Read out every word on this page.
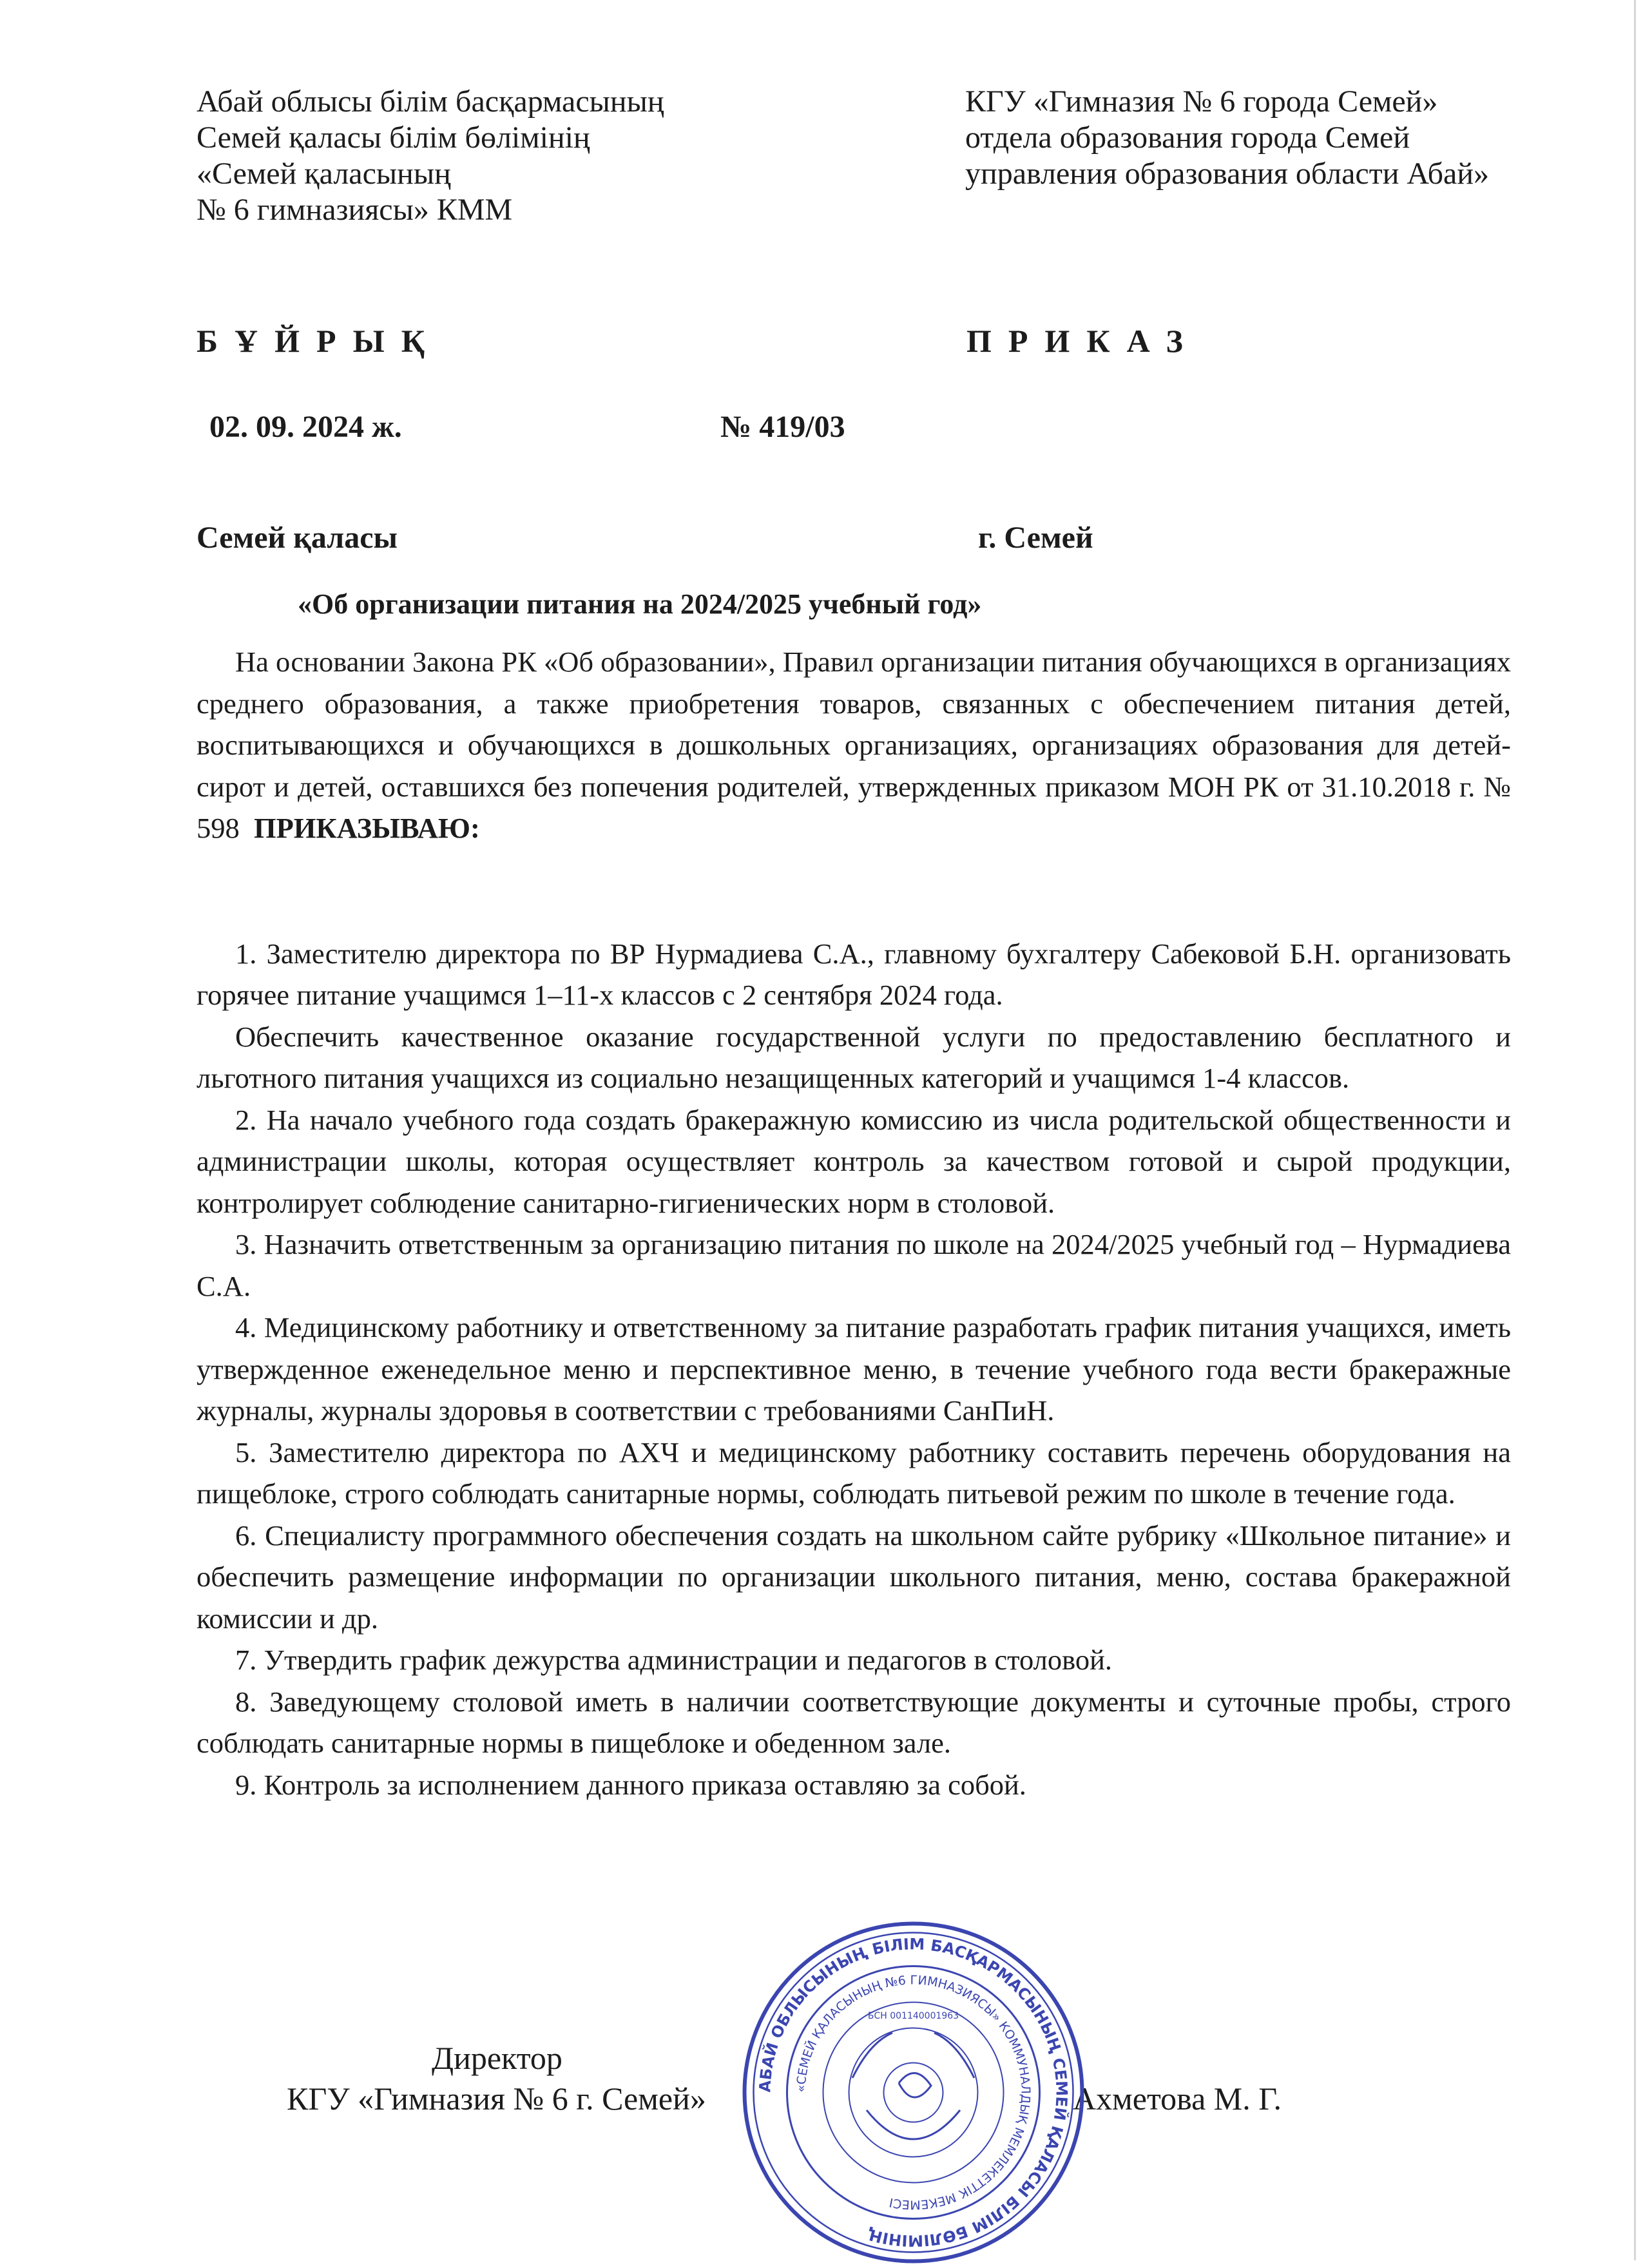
Абай облысы білім басқармасының
Семей қаласы білім бөлімінің
«Семей қаласының
№ 6 гимназиясы» КММ
КГУ «Гимназия № 6 города Семей»
отдела образования города Семей
управления образования области Абай»
БҰЙРЫҚ	ПРИКАЗ
02. 09. 2024 ж.	№ 419/03
Семей қаласы	г. Семей
«Об организации питания на 2024/2025 учебный год»

На основании Закона РК «Об образовании», Правил организации питания обучающихся в организациях среднего образования, а также приобретения товаров, связанных с обеспечением питания детей, воспитывающихся и обучающихся в дошкольных организациях, организациях образования для детей-сирот и детей, оставшихся без попечения родителей, утвержденных приказом МОН РК от 31.10.2018 г. № 598 ПРИКАЗЫВАЮ:

1. Заместителю директора по ВР Нурмадиева С.А., главному бухгалтеру Сабековой Б.Н. организовать горячее питание учащимся 1–11-х классов с 2 сентября 2024 года.

Обеспечить качественное оказание государственной услуги по предоставлению бесплатного и льготного питания учащихся из социально незащищенных категорий и учащимся 1-4 классов.

2. На начало учебного года создать бракеражную комиссию из числа родительской общественности и администрации школы, которая осуществляет контроль за качеством готовой и сырой продукции, контролирует соблюдение санитарно-гигиенических норм в столовой.

3. Назначить ответственным за организацию питания по школе на 2024/2025 учебный год – Нурмадиева С.А.

4. Медицинскому работнику и ответственному за питание разработать график питания учащихся, иметь утвержденное еженедельное меню и перспективное меню, в течение учебного года вести бракеражные журналы, журналы здоровья в соответствии с требованиями СанПиН.

5. Заместителю директора по АХЧ и медицинскому работнику составить перечень оборудования на пищеблоке, строго соблюдать санитарные нормы, соблюдать питьевой режим по школе в течение года.

6. Специалисту программного обеспечения создать на школьном сайте рубрику «Школьное питание» и обеспечить размещение информации по организации школьного питания, меню, состава бракеражной комиссии и др.

7. Утвердить график дежурства администрации и педагогов в столовой.

8. Заведующему столовой иметь в наличии соответствующие документы и суточные пробы, строго соблюдать санитарные нормы в пищеблоке и обеденном зале.

9. Контроль за исполнением данного приказа оставляю за собой.

Директор
КГУ «Гимназия № 6 г. Семей»	Ахметова М. Г.
АБАЙ ОБЛЫСЫНЫҢ БІЛІМ БАСҚАРМАСЫНЫҢ СЕМЕЙ ҚАЛАСЫ БІЛІМ БӨЛІМІНІҢ
«СЕМЕЙ ҚАЛАСЫНЫҢ №6 ГИМНАЗИЯСЫ» КОММУНАЛДЫҚ МЕМЛЕКЕТТІК МЕКЕМЕСІ
БСН 001140001963
